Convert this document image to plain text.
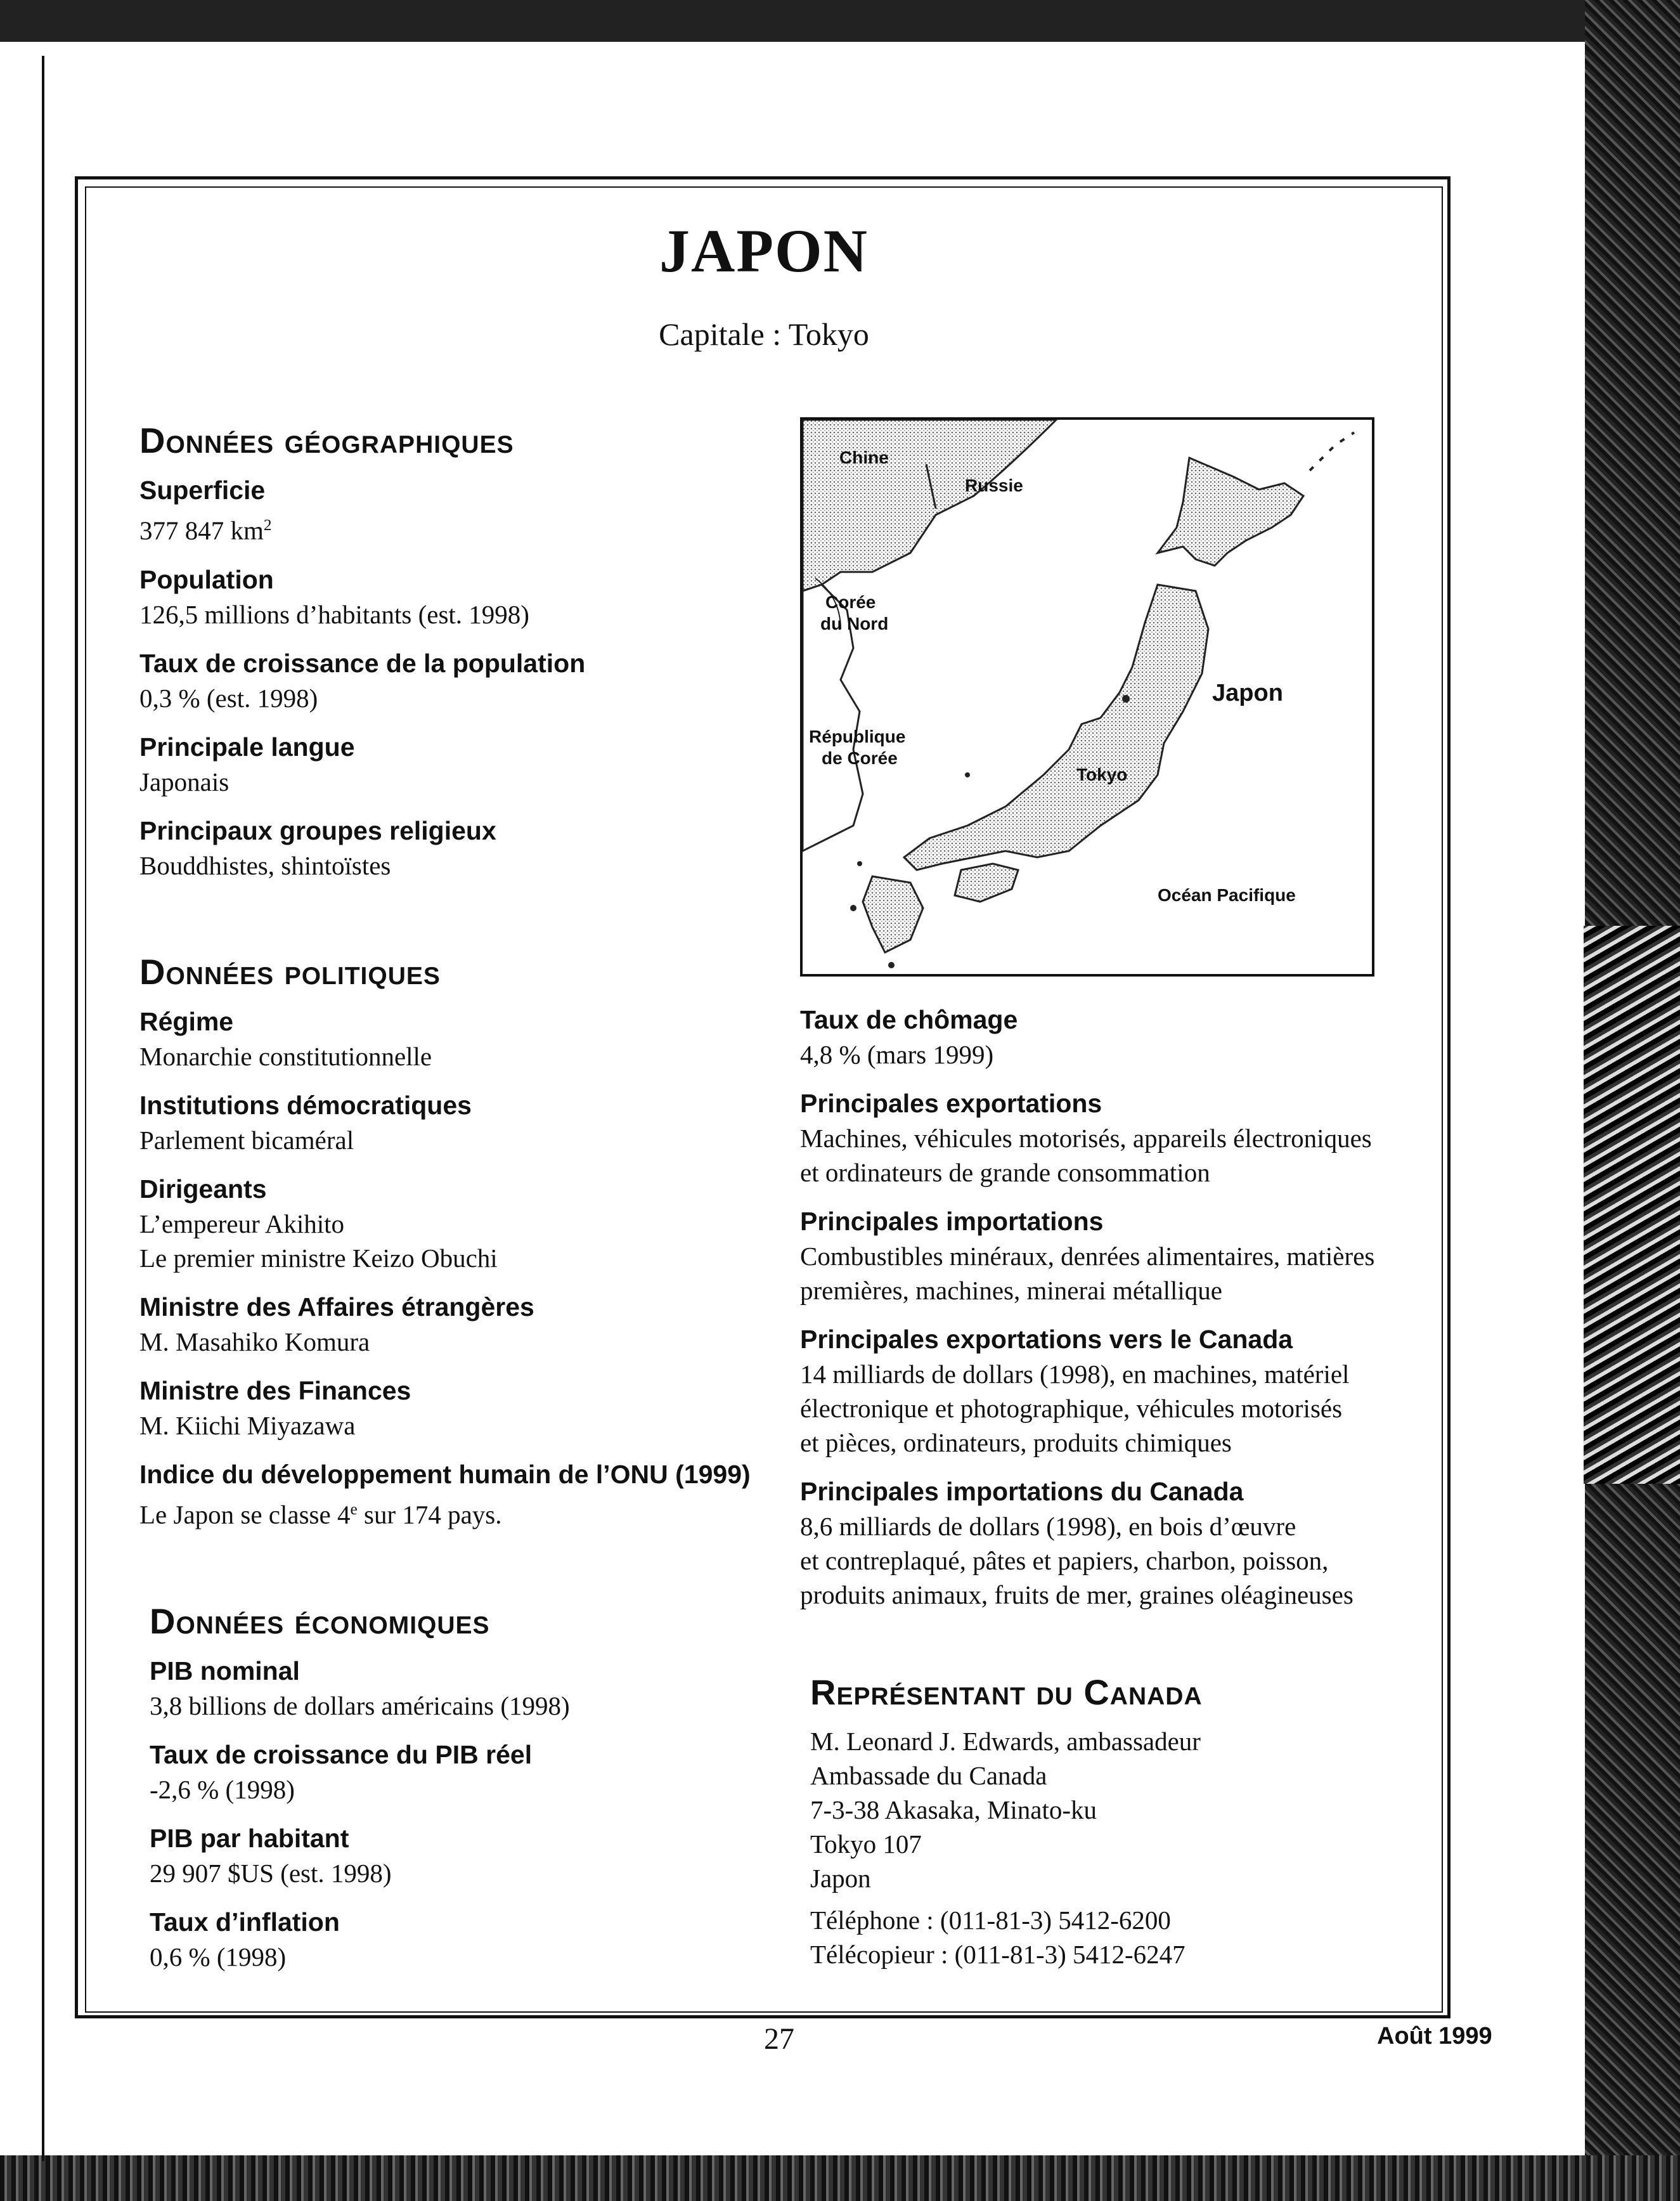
JAPON
Capitale : Tokyo
Données géographiques
Superficie
377 847 $km^2$
Population
126,5 millions d’habitants (est. 1998)
Taux de croissance de la population
0,3 % (est. 1998)
Principale langue
Japonais
Principaux groupes religieux
Bouddhistes, shintoïstes
Données politiques
Régime
Monarchie constitutionnelle
Institutions démocratiques
Parlement bicaméral
Dirigeants
L’empereur Akihito
Le premier ministre Keizo Obuchi
Ministre des Affaires étrangères
M. Masahiko Komura
Ministre des Finances
M. Kiichi Miyazawa
Indice du développement humain de l’ONU (1999)
Le Japon se classe 4e sur 174 pays.
Données économiques
PIB nominal
3,8 billions de dollars américains (1998)
Taux de croissance du PIB réel
-2,6 % (1998)
PIB par habitant
29 907 $US (est. 1998)
Taux d’inflation
0,6 % (1998)
Chine
Russie
Corée
du Nord
République
de Corée
Japon
Tokyo
Océan Pacifique
Taux de chômage
4,8 % (mars 1999)
Principales exportations
Machines, véhicules motorisés, appareils électroniques
et ordinateurs de grande consommation
Principales importations
Combustibles minéraux, denrées alimentaires, matières
premières, machines, minerai métallique
Principales exportations vers le Canada
14 milliards de dollars (1998), en machines, matériel
électronique et photographique, véhicules motorisés
et pièces, ordinateurs, produits chimiques
Principales importations du Canada
8,6 milliards de dollars (1998), en bois d’œuvre
et contreplaqué, pâtes et papiers, charbon, poisson,
produits animaux, fruits de mer, graines oléagineuses
Représentant du Canada
M. Leonard J. Edwards, ambassadeur
Ambassade du Canada
7-3-38 Akasaka, Minato-ku
Tokyo 107
Japon
Téléphone : (011-81-3) 5412-6200
Télécopieur : (011-81-3) 5412-6247
27	Août 1999
